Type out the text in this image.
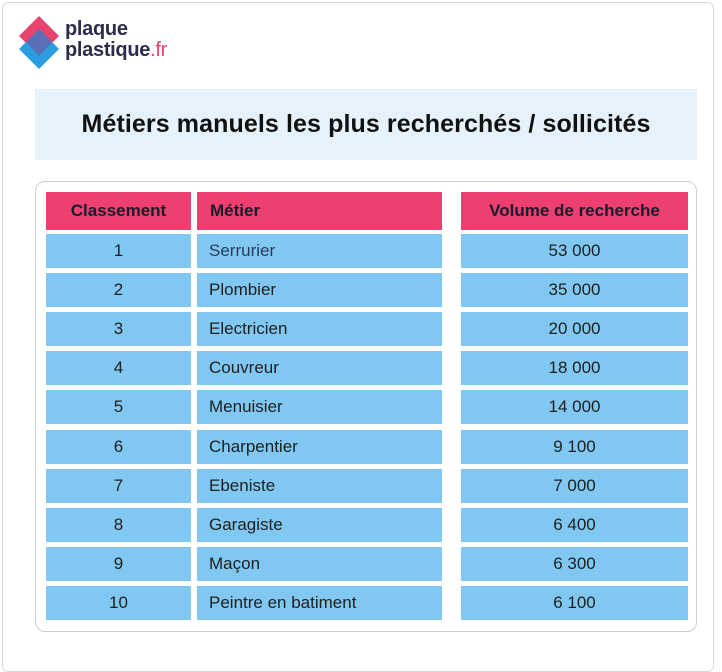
plaque
plastique.fr
Métiers manuels les plus recherchés / sollicités
Classement	Métier	Volume de recherche
1	Serrurier	53 000
2	Plombier	35 000
3	Electricien	20 000
4	Couvreur	18 000
5	Menuisier	14 000
6	Charpentier	9 100
7	Ebeniste	7 000
8	Garagiste	6 400
9	Maçon	6 300
10	Peintre en batiment	6 100
